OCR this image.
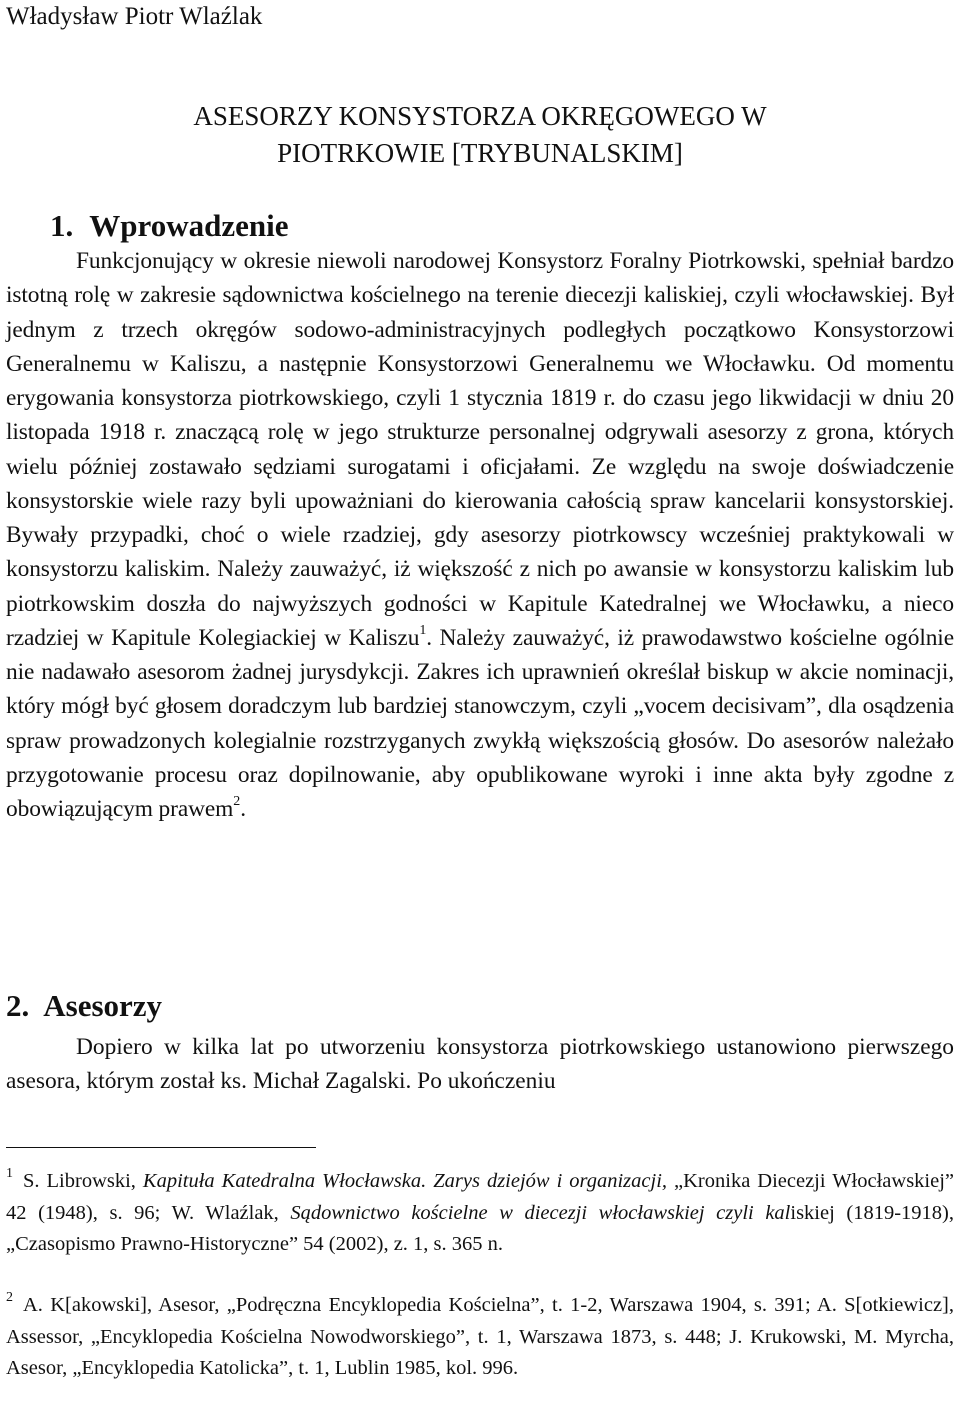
Władysław Piotr Wlaźlak
ASESORZY KONSYSTORZA OKRĘGOWEGO W
PIOTRKOWIE [TRYBUNALSKIM]
1. Wprowadzenie

Funkcjonujący w okresie niewoli narodowej Konsystorz Foralny Piotrkowski, spełniał bardzo istotną rolę w zakresie sądownictwa kościelnego na terenie diecezji kaliskiej, czyli włocławskiej. Był jednym z trzech okręgów sodowo-administracyjnych podległych początkowo Konsystorzowi Generalnemu w Kaliszu, a następnie Konsystorzowi Generalnemu we Włocławku. Od momentu erygowania konsystorza piotrkowskiego, czyli 1 stycznia 1819 r. do czasu jego likwidacji w dniu 20 listopada 1918 r. znaczącą rolę w jego strukturze personalnej odgrywali asesorzy z grona, których wielu później zostawało sędziami surogatami i oficjałami. Ze względu na swoje doświadczenie konsystorskie wiele razy byli upoważniani do kierowania całością spraw kancelarii konsystorskiej. Bywały przypadki, choć o wiele rzadziej, gdy asesorzy piotrkowscy wcześniej praktykowali w konsystorzu kaliskim. Należy zauważyć, iż większość z nich po awansie w konsystorzu kaliskim lub piotrkowskim doszła do najwyższych godności w Kapitule Katedralnej we Włocławku, a nieco rzadziej w Kapitule Kolegiackiej w Kaliszu$^1$. Należy zauważyć, iż prawodawstwo kościelne ogólnie nie nadawało asesorom żadnej jurysdykcji. Zakres ich uprawnień określał biskup w akcie nominacji, który mógł być głosem doradczym lub bardziej stanowczym, czyli „vocem decisivam”, dla osądzenia spraw prowadzonych kolegialnie rozstrzyganych zwykłą większością głosów. Do asesorów należało przygotowanie procesu oraz dopilnowanie, aby opublikowane wyroki i inne akta były zgodne z obowiązującym prawem$^2$.

2. Asesorzy

Dopiero w kilka lat po utworzeniu konsystorza piotrkowskiego ustanowiono pierwszego asesora, którym został ks. Michał Zagalski. Po ukończeniu

$^1$ S. Librowski, Kapituła Katedralna Włocławska. Zarys dziejów i organizacji, „Kronika Diecezji Włocławskiej” 42 (1948), s. 96; W. Wlaźlak, Sądownictwo kościelne w diecezji włocławskiej czyli kaliskiej (1819-1918), „Czasopismo Prawno-Historyczne” 54 (2002), z. 1, s. 365 n.
$^2$ A. K[akowski], Asesor, „Podręczna Encyklopedia Kościelna”, t. 1-2, Warszawa 1904, s. 391; A. S[otkiewicz], Assessor, „Encyklopedia Kościelna Nowodworskiego”, t. 1, Warszawa 1873, s. 448; J. Krukowski, M. Myrcha, Asesor, „Encyklopedia Katolicka”, t. 1, Lublin 1985, kol. 996.
